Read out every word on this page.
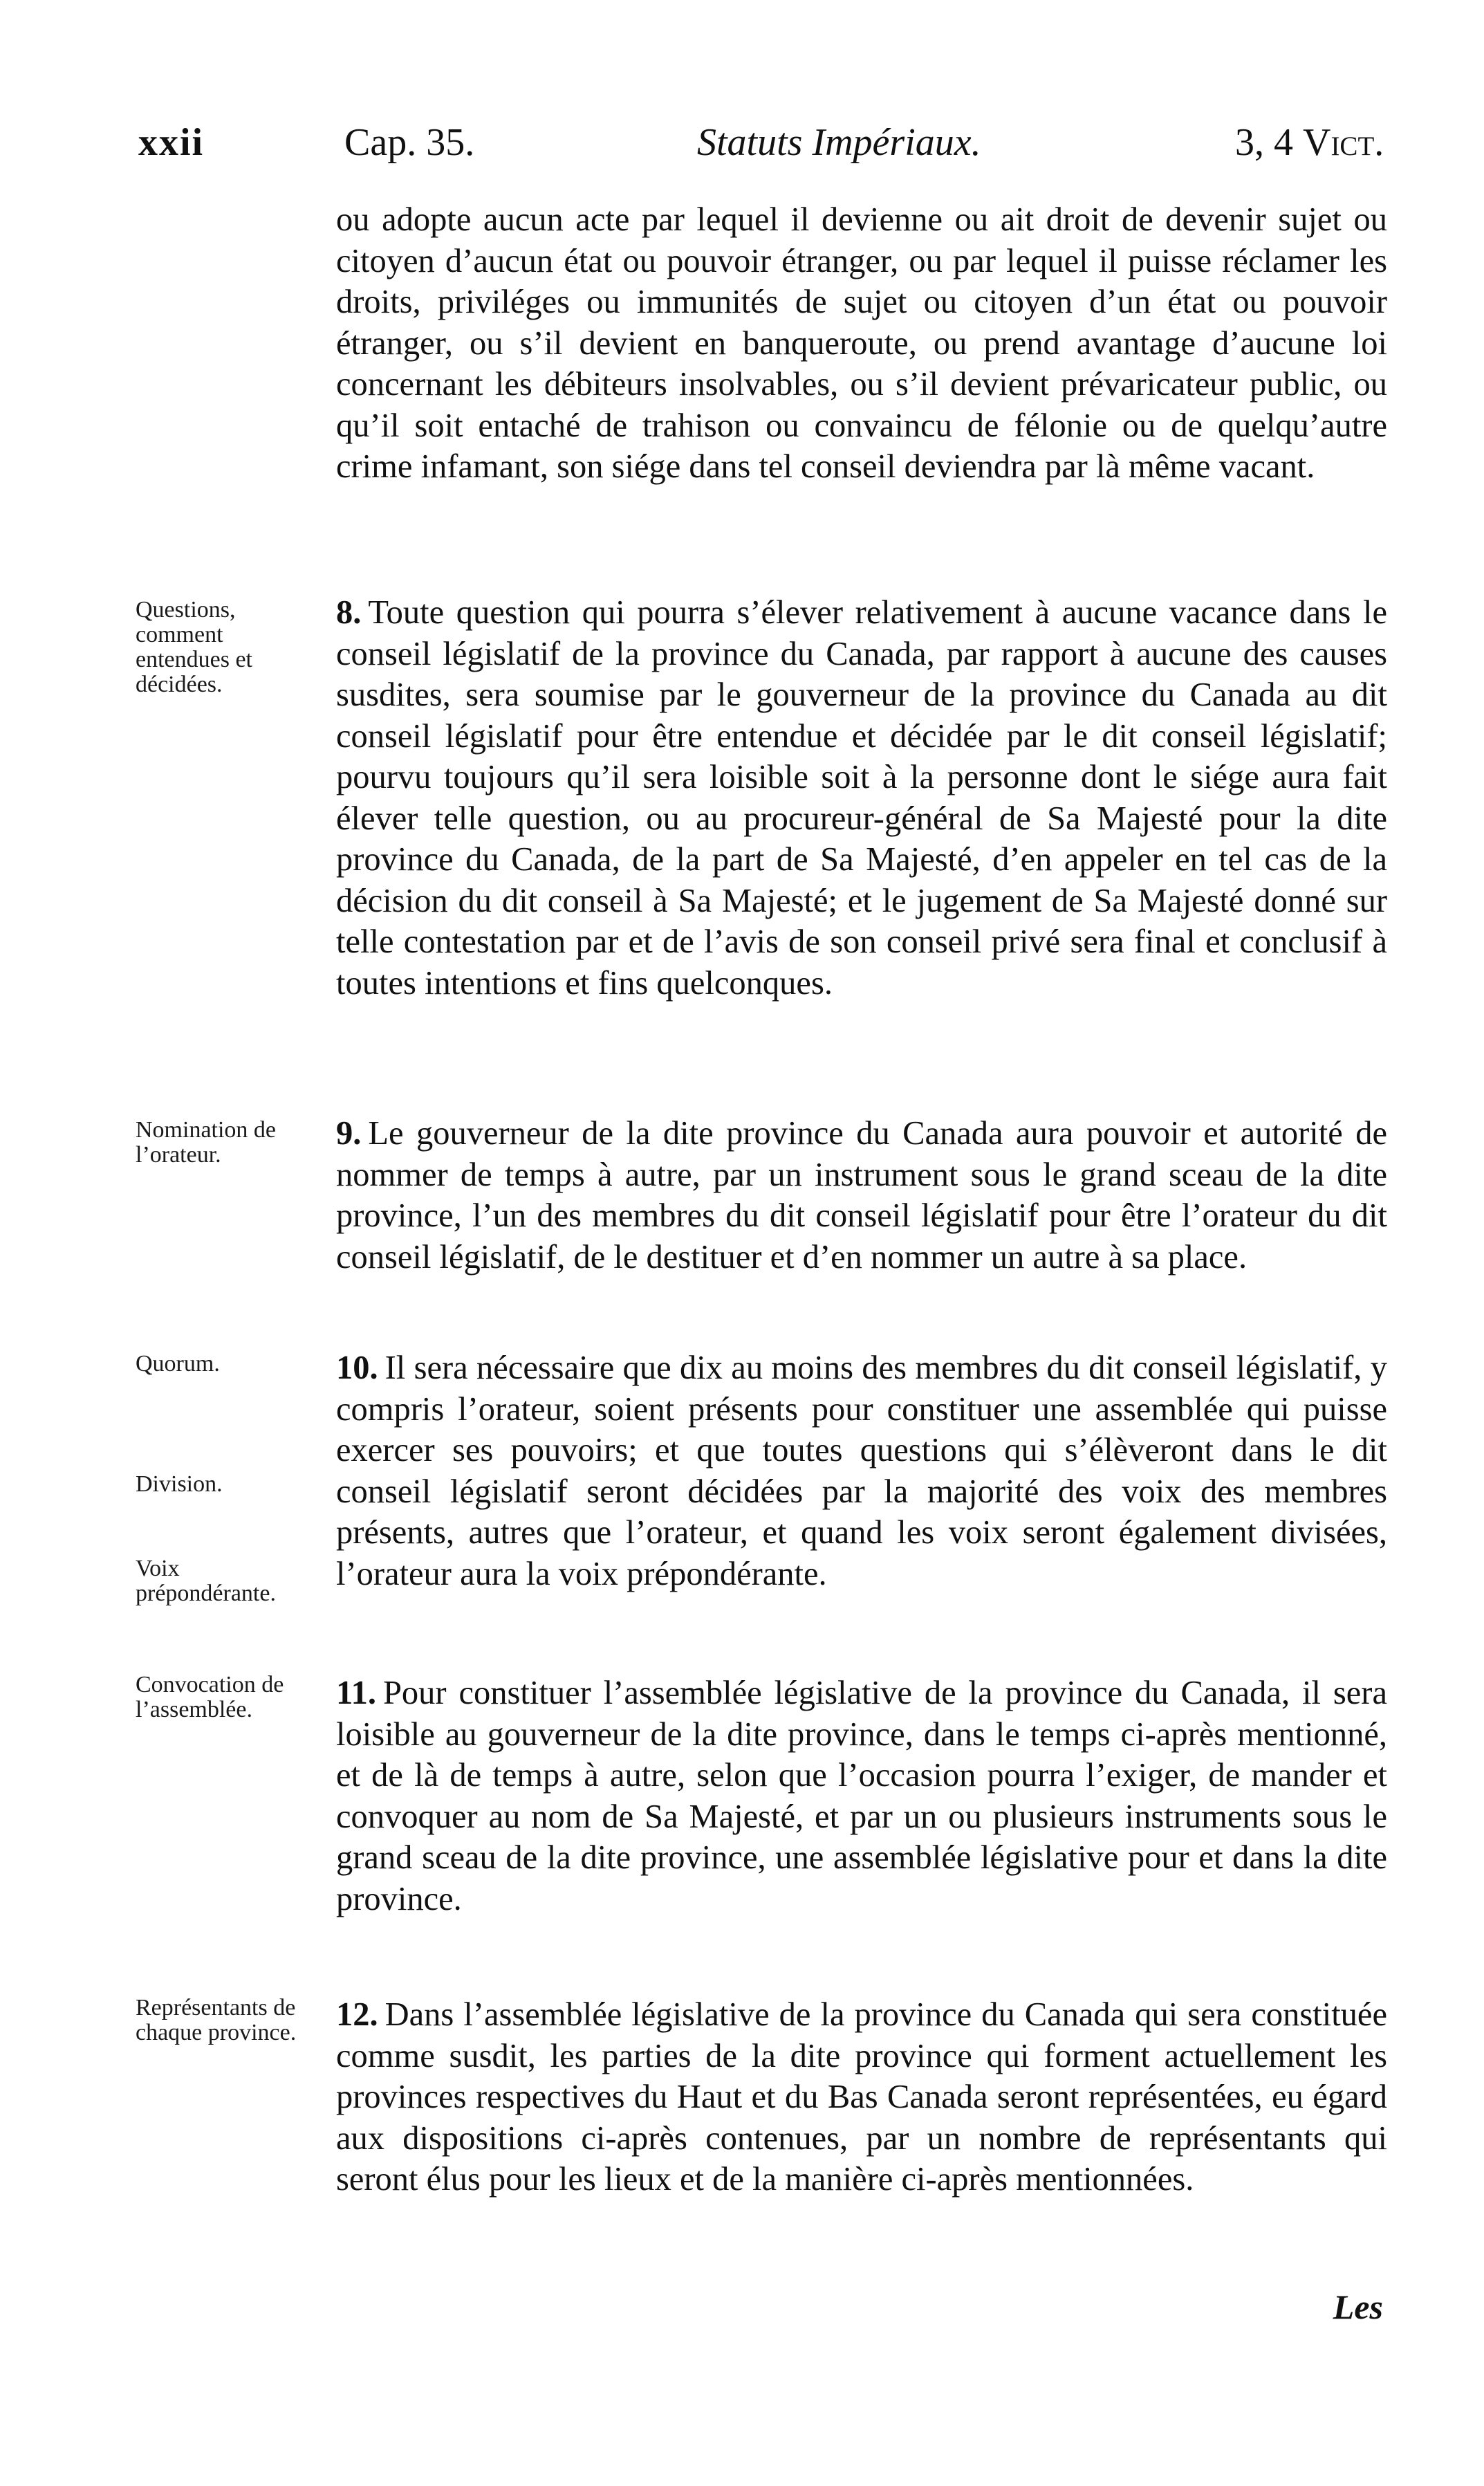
xxii	Cap. 35.	Statuts Impériaux.	3, 4 Vict.

ou adopte aucun acte par lequel il devienne ou ait droit de devenir sujet ou citoyen d’aucun état ou pouvoir étranger, ou par lequel il puisse réclamer les droits, priviléges ou immunités de sujet ou citoyen d’un état ou pouvoir étranger, ou s’il devient en banqueroute, ou prend avantage d’aucune loi concernant les débiteurs insolvables, ou s’il devient prévaricateur public, ou qu’il soit entaché de trahison ou convaincu de félonie ou de quelqu’autre crime infamant, son siége dans tel conseil deviendra par là même vacant.

8. Toute question qui pourra s’élever relativement à aucune vacance dans le conseil législatif de la province du Canada, par rapport à aucune des causes susdites, sera soumise par le gouverneur de la province du Canada au dit conseil législatif pour être entendue et décidée par le dit conseil législatif; pourvu toujours qu’il sera loisible soit à la personne dont le siége aura fait élever telle question, ou au procureur-général de Sa Majesté pour la dite province du Canada, de la part de Sa Majesté, d’en appeler en tel cas de la décision du dit conseil à Sa Majesté; et le jugement de Sa Majesté donné sur telle contestation par et de l’avis de son conseil privé sera final et conclusif à toutes intentions et fins quelconques.

9. Le gouverneur de la dite province du Canada aura pouvoir et autorité de nommer de temps à autre, par un instrument sous le grand sceau de la dite province, l’un des membres du dit conseil législatif pour être l’orateur du dit conseil législatif, de le destituer et d’en nommer un autre à sa place.

10. Il sera nécessaire que dix au moins des membres du dit conseil législatif, y compris l’orateur, soient présents pour constituer une assemblée qui puisse exercer ses pouvoirs; et que toutes questions qui s’élèveront dans le dit conseil législatif seront décidées par la majorité des voix des membres présents, autres que l’orateur, et quand les voix seront également divisées, l’orateur aura la voix prépondérante.

11. Pour constituer l’assemblée législative de la province du Canada, il sera loisible au gouverneur de la dite province, dans le temps ci-après mentionné, et de là de temps à autre, selon que l’occasion pourra l’exiger, de mander et convoquer au nom de Sa Majesté, et par un ou plusieurs instruments sous le grand sceau de la dite province, une assemblée législative pour et dans la dite province.

12. Dans l’assemblée législative de la province du Canada qui sera constituée comme susdit, les parties de la dite province qui forment actuellement les provinces respectives du Haut et du Bas Canada seront représentées, eu égard aux dispositions ci-après contenues, par un nombre de représentants qui seront élus pour les lieux et de la manière ci-après mentionnées.

Questions, comment entendues et décidées.
Nomination de l’orateur.
Quorum.
Division.
Voix prépondérante.
Convocation de l’assemblée.
Représentants de chaque province.
Les
